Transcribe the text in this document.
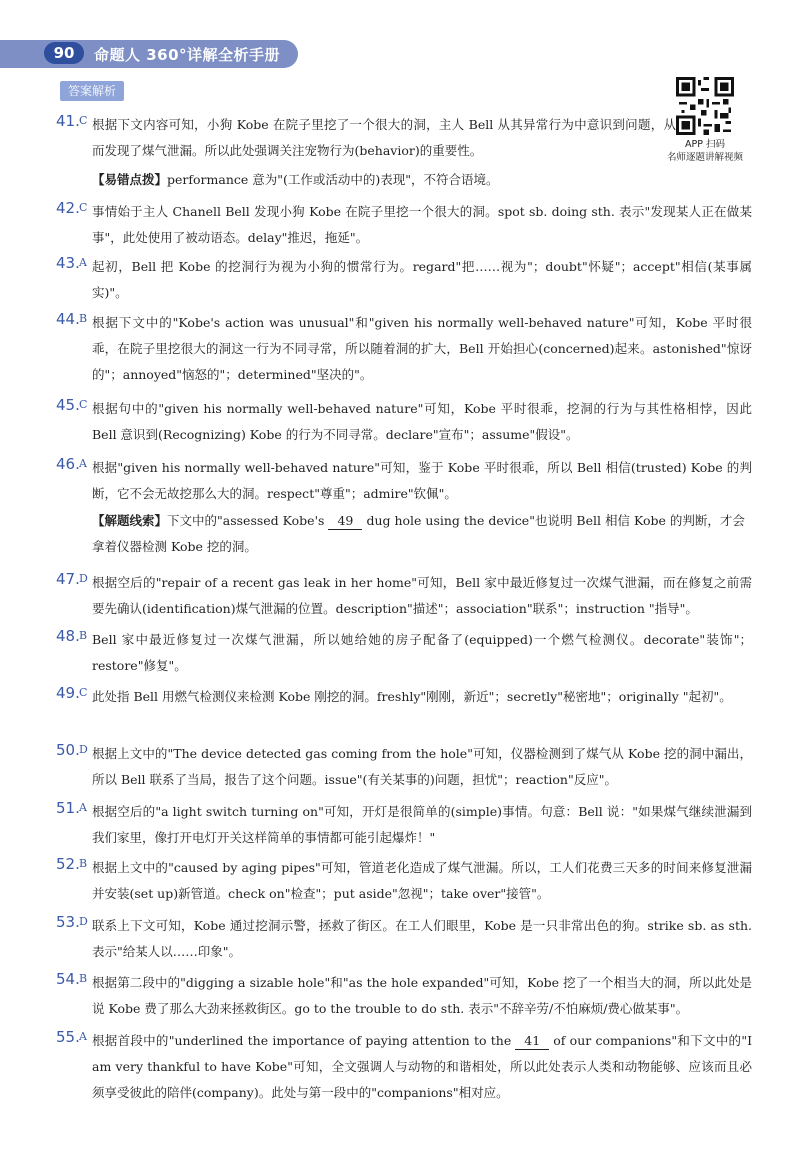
90	命题人 360°详解全析手册
答案解析
APP 扫码
名师逐题讲解视频
41. C 根据下文内容可知，小狗 Kobe 在院子里挖了一个很大的洞，主人 Bell 从其异常行为中意识到问题，从而发现了煤气泄漏。所以此处强调关注宠物行为(behavior)的重要性。
【易错点拨】performance 意为"(工作或活动中的)表现"，不符合语境。
42. C 事情始于主人 Chanell Bell 发现小狗 Kobe 在院子里挖一个很大的洞。spot sb. doing sth. 表示"发现某人正在做某事"，此处使用了被动语态。delay"推迟，拖延"。
43. A 起初，Bell 把 Kobe 的挖洞行为视为小狗的惯常行为。regard"把……视为"；doubt"怀疑"；accept"相信(某事属实)"。
44. B 根据下文中的"Kobe's action was unusual"和"given his normally well-behaved nature"可知，Kobe 平时很乖，在院子里挖很大的洞这一行为不同寻常，所以随着洞的扩大，Bell 开始担心(concerned)起来。astonished"惊讶的"；annoyed"恼怒的"；determined"坚决的"。
45. C 根据句中的"given his normally well-behaved nature"可知，Kobe 平时很乖，挖洞的行为与其性格相悖，因此 Bell 意识到(Recognizing) Kobe 的行为不同寻常。declare"宣布"；assume"假设"。
46. A 根据"given his normally well-behaved nature"可知，鉴于 Kobe 平时很乖，所以 Bell 相信(trusted) Kobe 的判断，它不会无故挖那么大的洞。respect"尊重"；admire"钦佩"。
【解题线索】下文中的"assessed Kobe's 49 dug hole using the device"也说明 Bell 相信 Kobe 的判断，才会拿着仪器检测 Kobe 挖的洞。
47. D 根据空后的"repair of a recent gas leak in her home"可知，Bell 家中最近修复过一次煤气泄漏，而在修复之前需要先确认(identification)煤气泄漏的位置。description"描述"；association"联系"；instruction "指导"。
48. B Bell 家中最近修复过一次煤气泄漏，所以她给她的房子配备了(equipped)一个燃气检测仪。decorate"装饰"；restore"修复"。
49. C 此处指 Bell 用燃气检测仪来检测 Kobe 刚挖的洞。freshly"刚刚，新近"；secretly"秘密地"；originally "起初"。
50. D 根据上文中的"The device detected gas coming from the hole"可知，仪器检测到了煤气从 Kobe 挖的洞中漏出，所以 Bell 联系了当局，报告了这个问题。issue"(有关某事的)问题，担忧"；reaction"反应"。
51. A 根据空后的"a light switch turning on"可知，开灯是很简单的(simple)事情。句意：Bell 说："如果煤气继续泄漏到我们家里，像打开电灯开关这样简单的事情都可能引起爆炸！"
52. B 根据上文中的"caused by aging pipes"可知，管道老化造成了煤气泄漏。所以，工人们花费三天多的时间来修复泄漏并安装(set up)新管道。check on"检查"；put aside"忽视"；take over"接管"。
53. D 联系上下文可知，Kobe 通过挖洞示警，拯救了街区。在工人们眼里，Kobe 是一只非常出色的狗。strike sb. as sth. 表示"给某人以……印象"。
54. B 根据第二段中的"digging a sizable hole"和"as the hole expanded"可知，Kobe 挖了一个相当大的洞，所以此处是说 Kobe 费了那么大劲来拯救街区。go to the trouble to do sth. 表示"不辞辛劳/不怕麻烦/费心做某事"。
55. A 根据首段中的"underlined the importance of paying attention to the 41 of our companions"和下文中的"I am very thankful to have Kobe"可知，全文强调人与动物的和谐相处，所以此处表示人类和动物能够、应该而且必须享受彼此的陪伴(company)。此处与第一段中的"companions"相对应。
